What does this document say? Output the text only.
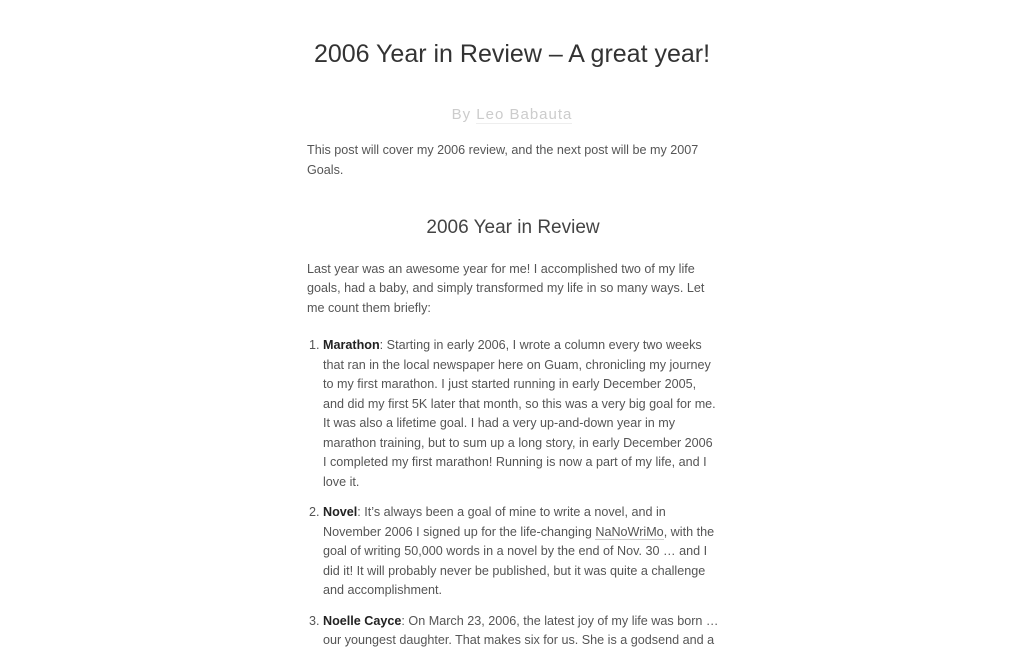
2006 Year in Review – A great year!
By Leo Babauta

This post will cover my 2006 review, and the next post will be my 2007 Goals.

2006 Year in Review

Last year was an awesome year for me! I accomplished two of my life goals, had a baby, and simply transformed my life in so many ways. Let me count them briefly:

1. Marathon: Starting in early 2006, I wrote a column every two weeks that ran in the local newspaper here on Guam, chronicling my journey to my first marathon. I just started running in early December 2005, and did my first 5K later that month, so this was a very big goal for me. It was also a lifetime goal. I had a very up-and-down year in my marathon training, but to sum up a long story, in early December 2006 I completed my first marathon! Running is now a part of my life, and I love it.
2. Novel: It’s always been a goal of mine to write a novel, and in November 2006 I signed up for the life-changing NaNoWriMo, with the goal of writing 50,000 words in a novel by the end of Nov. 30 … and I did it! It will probably never be published, but it was quite a challenge and accomplishment.
3. Noelle Cayce: On March 23, 2006, the latest joy of my life was born … our youngest daughter. That makes six for us. She is a godsend and a
